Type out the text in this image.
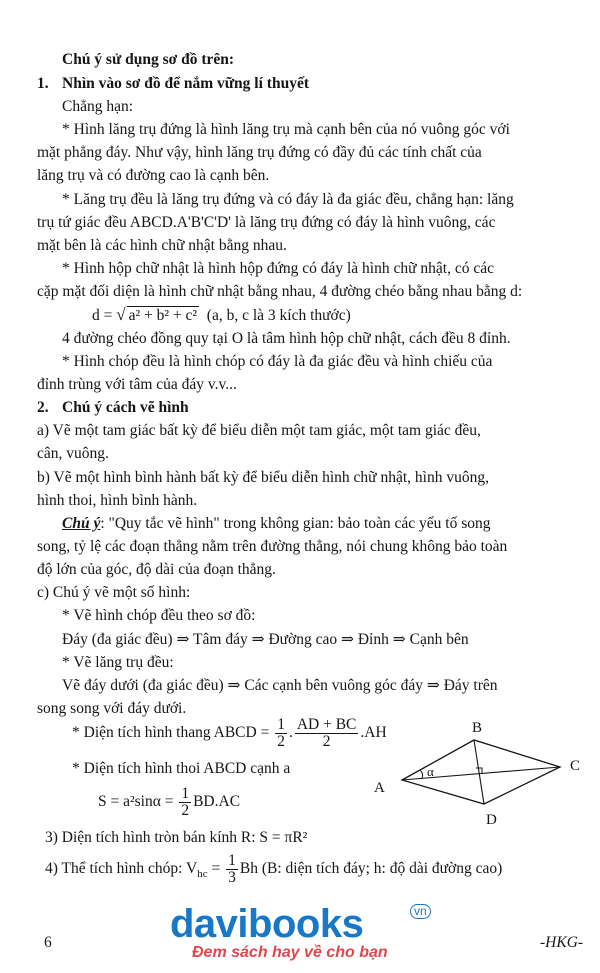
Chú ý sử dụng sơ đồ trên:
1. Nhìn vào sơ đồ để nắm vững lí thuyết
Chẳng hạn:
* Hình lăng trụ đứng là hình lăng trụ mà cạnh bên của nó vuông góc với
mặt phẳng đáy. Như vậy, hình lăng trụ đứng có đầy đủ các tính chất của
lăng trụ và có đường cao là cạnh bên.
* Lăng trụ đều là lăng trụ đứng và có đáy là đa giác đều, chẳng hạn: lăng
trụ tứ giác đều ABCD.A'B'C'D' là lăng trụ đứng có đáy là hình vuông, các
mặt bên là các hình chữ nhật bằng nhau.
* Hình hộp chữ nhật là hình hộp đứng có đáy là hình chữ nhật, có các
cặp mặt đối diện là hình chữ nhật bằng nhau, 4 đường chéo bằng nhau bằng d:
d = √ a² + b² + c² (a, b, c là 3 kích thước)
4 đường chéo đồng quy tại O là tâm hình hộp chữ nhật, cách đều 8 đỉnh.
* Hình chóp đều là hình chóp có đáy là đa giác đều và hình chiếu của
đỉnh trùng với tâm của đáy v.v...
2. Chú ý cách vẽ hình
a) Vẽ một tam giác bất kỳ để biểu diễn một tam giác, một tam giác đều,
cân, vuông.
b) Vẽ một hình bình hành bất kỳ để biểu diễn hình chữ nhật, hình vuông,
hình thoi, hình bình hành.
Chú ý: "Quy tắc vẽ hình" trong không gian: bảo toàn các yếu tố song
song, tỷ lệ các đoạn thẳng nằm trên đường thẳng, nói chung không bảo toàn
độ lớn của góc, độ dài của đoạn thẳng.
c) Chú ý vẽ một số hình:
* Vẽ hình chóp đều theo sơ đồ:
Đáy (đa giác đều) ⇒ Tâm đáy ⇒ Đường cao ⇒ Đỉnh ⇒ Cạnh bên
* Vẽ lăng trụ đều:
Vẽ đáy dưới (đa giác đều) ⇒ Các cạnh bên vuông góc đáy ⇒ Đáy trên
song song với đáy dưới.
* Diện tích hình thang ABCD = $\frac{1}{2}$ . $\frac{AD + BC}{2} .AH$
* Diện tích hình thoi ABCD cạnh a
$S = a^2\sin\alpha = \frac{1}{2} BD.AC$
3) Diện tích hình tròn bán kính R: S = πR²
4) Thể tích hình chóp: $V_{hc} = \frac{1}{3}$ Bh (B: diện tích đáy; h: độ dài đường cao)
A
B
C
D
α
6	davibooks	vn
Đem sách hay về cho bạn
-HKG-
